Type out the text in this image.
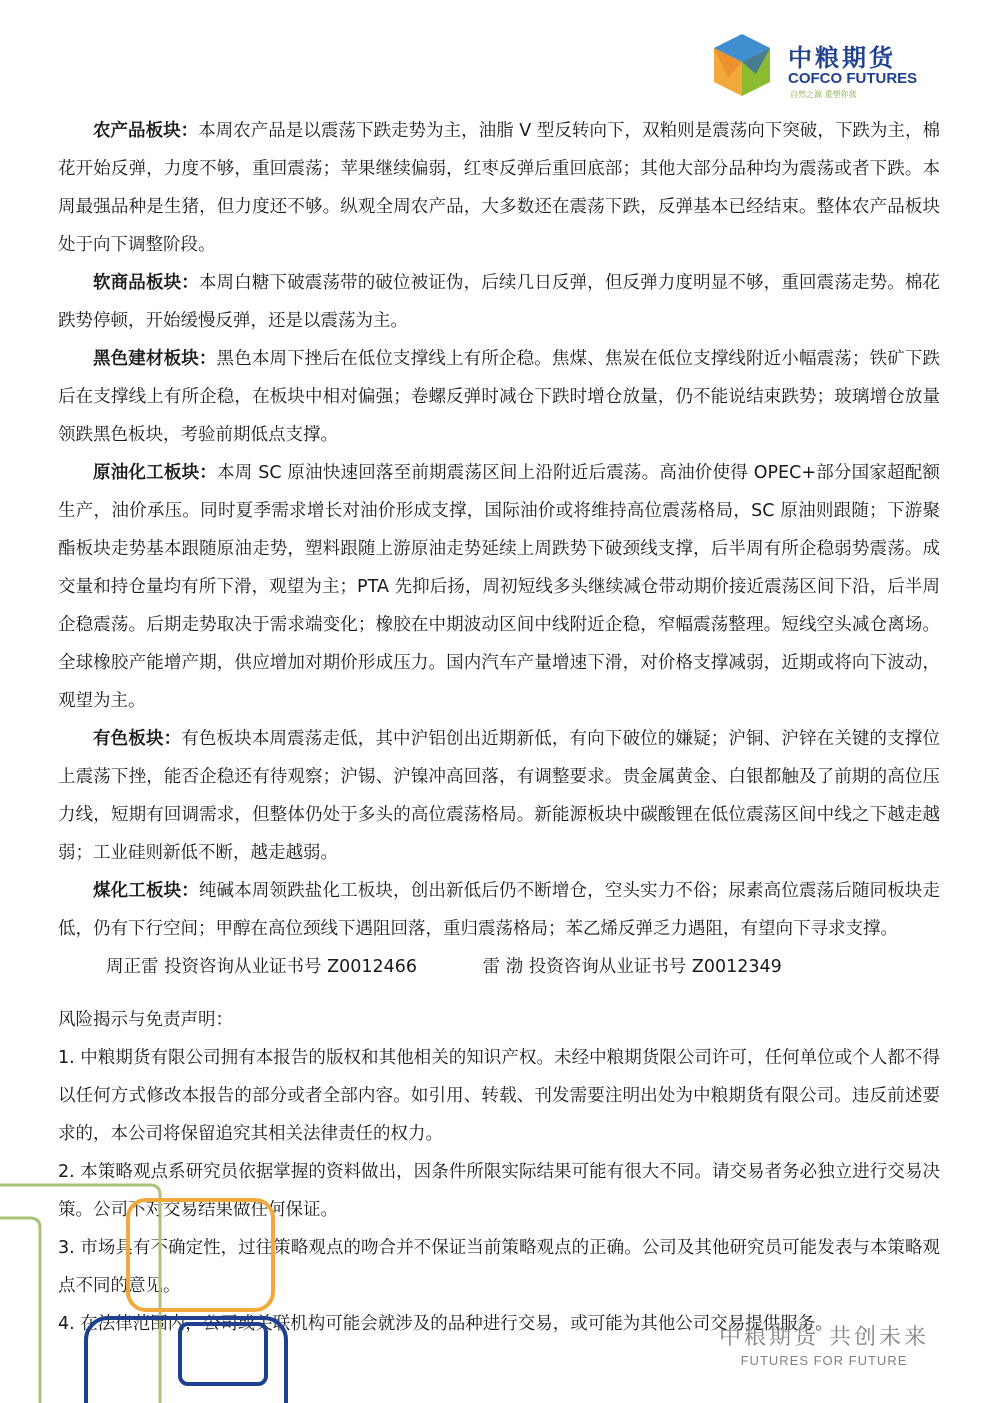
中粮期货
COFCO FUTURES
自然之源 重塑你我

农产品板块：本周农产品是以震荡下跌走势为主，油脂 V 型反转向下，双粕则是震荡向下突破，下跌为主，棉花开始反弹，力度不够，重回震荡；苹果继续偏弱，红枣反弹后重回底部；其他大部分品种均为震荡或者下跌。本周最强品种是生猪，但力度还不够。纵观全周农产品，大多数还在震荡下跌，反弹基本已经结束。整体农产品板块处于向下调整阶段。

软商品板块：本周白糖下破震荡带的破位被证伪，后续几日反弹，但反弹力度明显不够，重回震荡走势。棉花跌势停顿，开始缓慢反弹，还是以震荡为主。

黑色建材板块：黑色本周下挫后在低位支撑线上有所企稳。焦煤、焦炭在低位支撑线附近小幅震荡；铁矿下跌后在支撑线上有所企稳，在板块中相对偏强；卷螺反弹时减仓下跌时增仓放量，仍不能说结束跌势；玻璃增仓放量领跌黑色板块，考验前期低点支撑。

原油化工板块：本周 SC 原油快速回落至前期震荡区间上沿附近后震荡。高油价使得 OPEC+部分国家超配额生产，油价承压。同时夏季需求增长对油价形成支撑，国际油价或将维持高位震荡格局，SC 原油则跟随；下游聚酯板块走势基本跟随原油走势，塑料跟随上游原油走势延续上周跌势下破颈线支撑，后半周有所企稳弱势震荡。成交量和持仓量均有所下滑，观望为主；PTA 先抑后扬，周初短线多头继续减仓带动期价接近震荡区间下沿，后半周企稳震荡。后期走势取决于需求端变化；橡胶在中期波动区间中线附近企稳，窄幅震荡整理。短线空头减仓离场。全球橡胶产能增产期，供应增加对期价形成压力。国内汽车产量增速下滑，对价格支撑减弱，近期或将向下波动，观望为主。

有色板块：有色板块本周震荡走低，其中沪铝创出近期新低，有向下破位的嫌疑；沪铜、沪锌在关键的支撑位上震荡下挫，能否企稳还有待观察；沪锡、沪镍冲高回落，有调整要求。贵金属黄金、白银都触及了前期的高位压力线，短期有回调需求，但整体仍处于多头的高位震荡格局。新能源板块中碳酸锂在低位震荡区间中线之下越走越弱；工业硅则新低不断，越走越弱。

煤化工板块：纯碱本周领跌盐化工板块，创出新低后仍不断增仓，空头实力不俗；尿素高位震荡后随同板块走低，仍有下行空间；甲醇在高位颈线下遇阻回落，重归震荡格局；苯乙烯反弹乏力遇阻，有望向下寻求支撑。

周正雷 投资咨询从业证书号 Z0012466	雷 渤 投资咨询从业证书号 Z0012349

风险揭示与免责声明：

1. 中粮期货有限公司拥有本报告的版权和其他相关的知识产权。未经中粮期货限公司许可，任何单位或个人都不得以任何方式修改本报告的部分或者全部内容。如引用、转载、刊发需要注明出处为中粮期货有限公司。违反前述要求的，本公司将保留追究其相关法律责任的权力。

2. 本策略观点系研究员依据掌握的资料做出，因条件所限实际结果可能有很大不同。请交易者务必独立进行交易决策。公司不对交易结果做任何保证。

3. 市场具有不确定性，过往策略观点的吻合并不保证当前策略观点的正确。公司及其他研究员可能发表与本策略观点不同的意见。

4. 在法律范围内，公司或关联机构可能会就涉及的品种进行交易，或可能为其他公司交易提供服务。

中粮期货 共创未来
FUTURES FOR FUTURE
